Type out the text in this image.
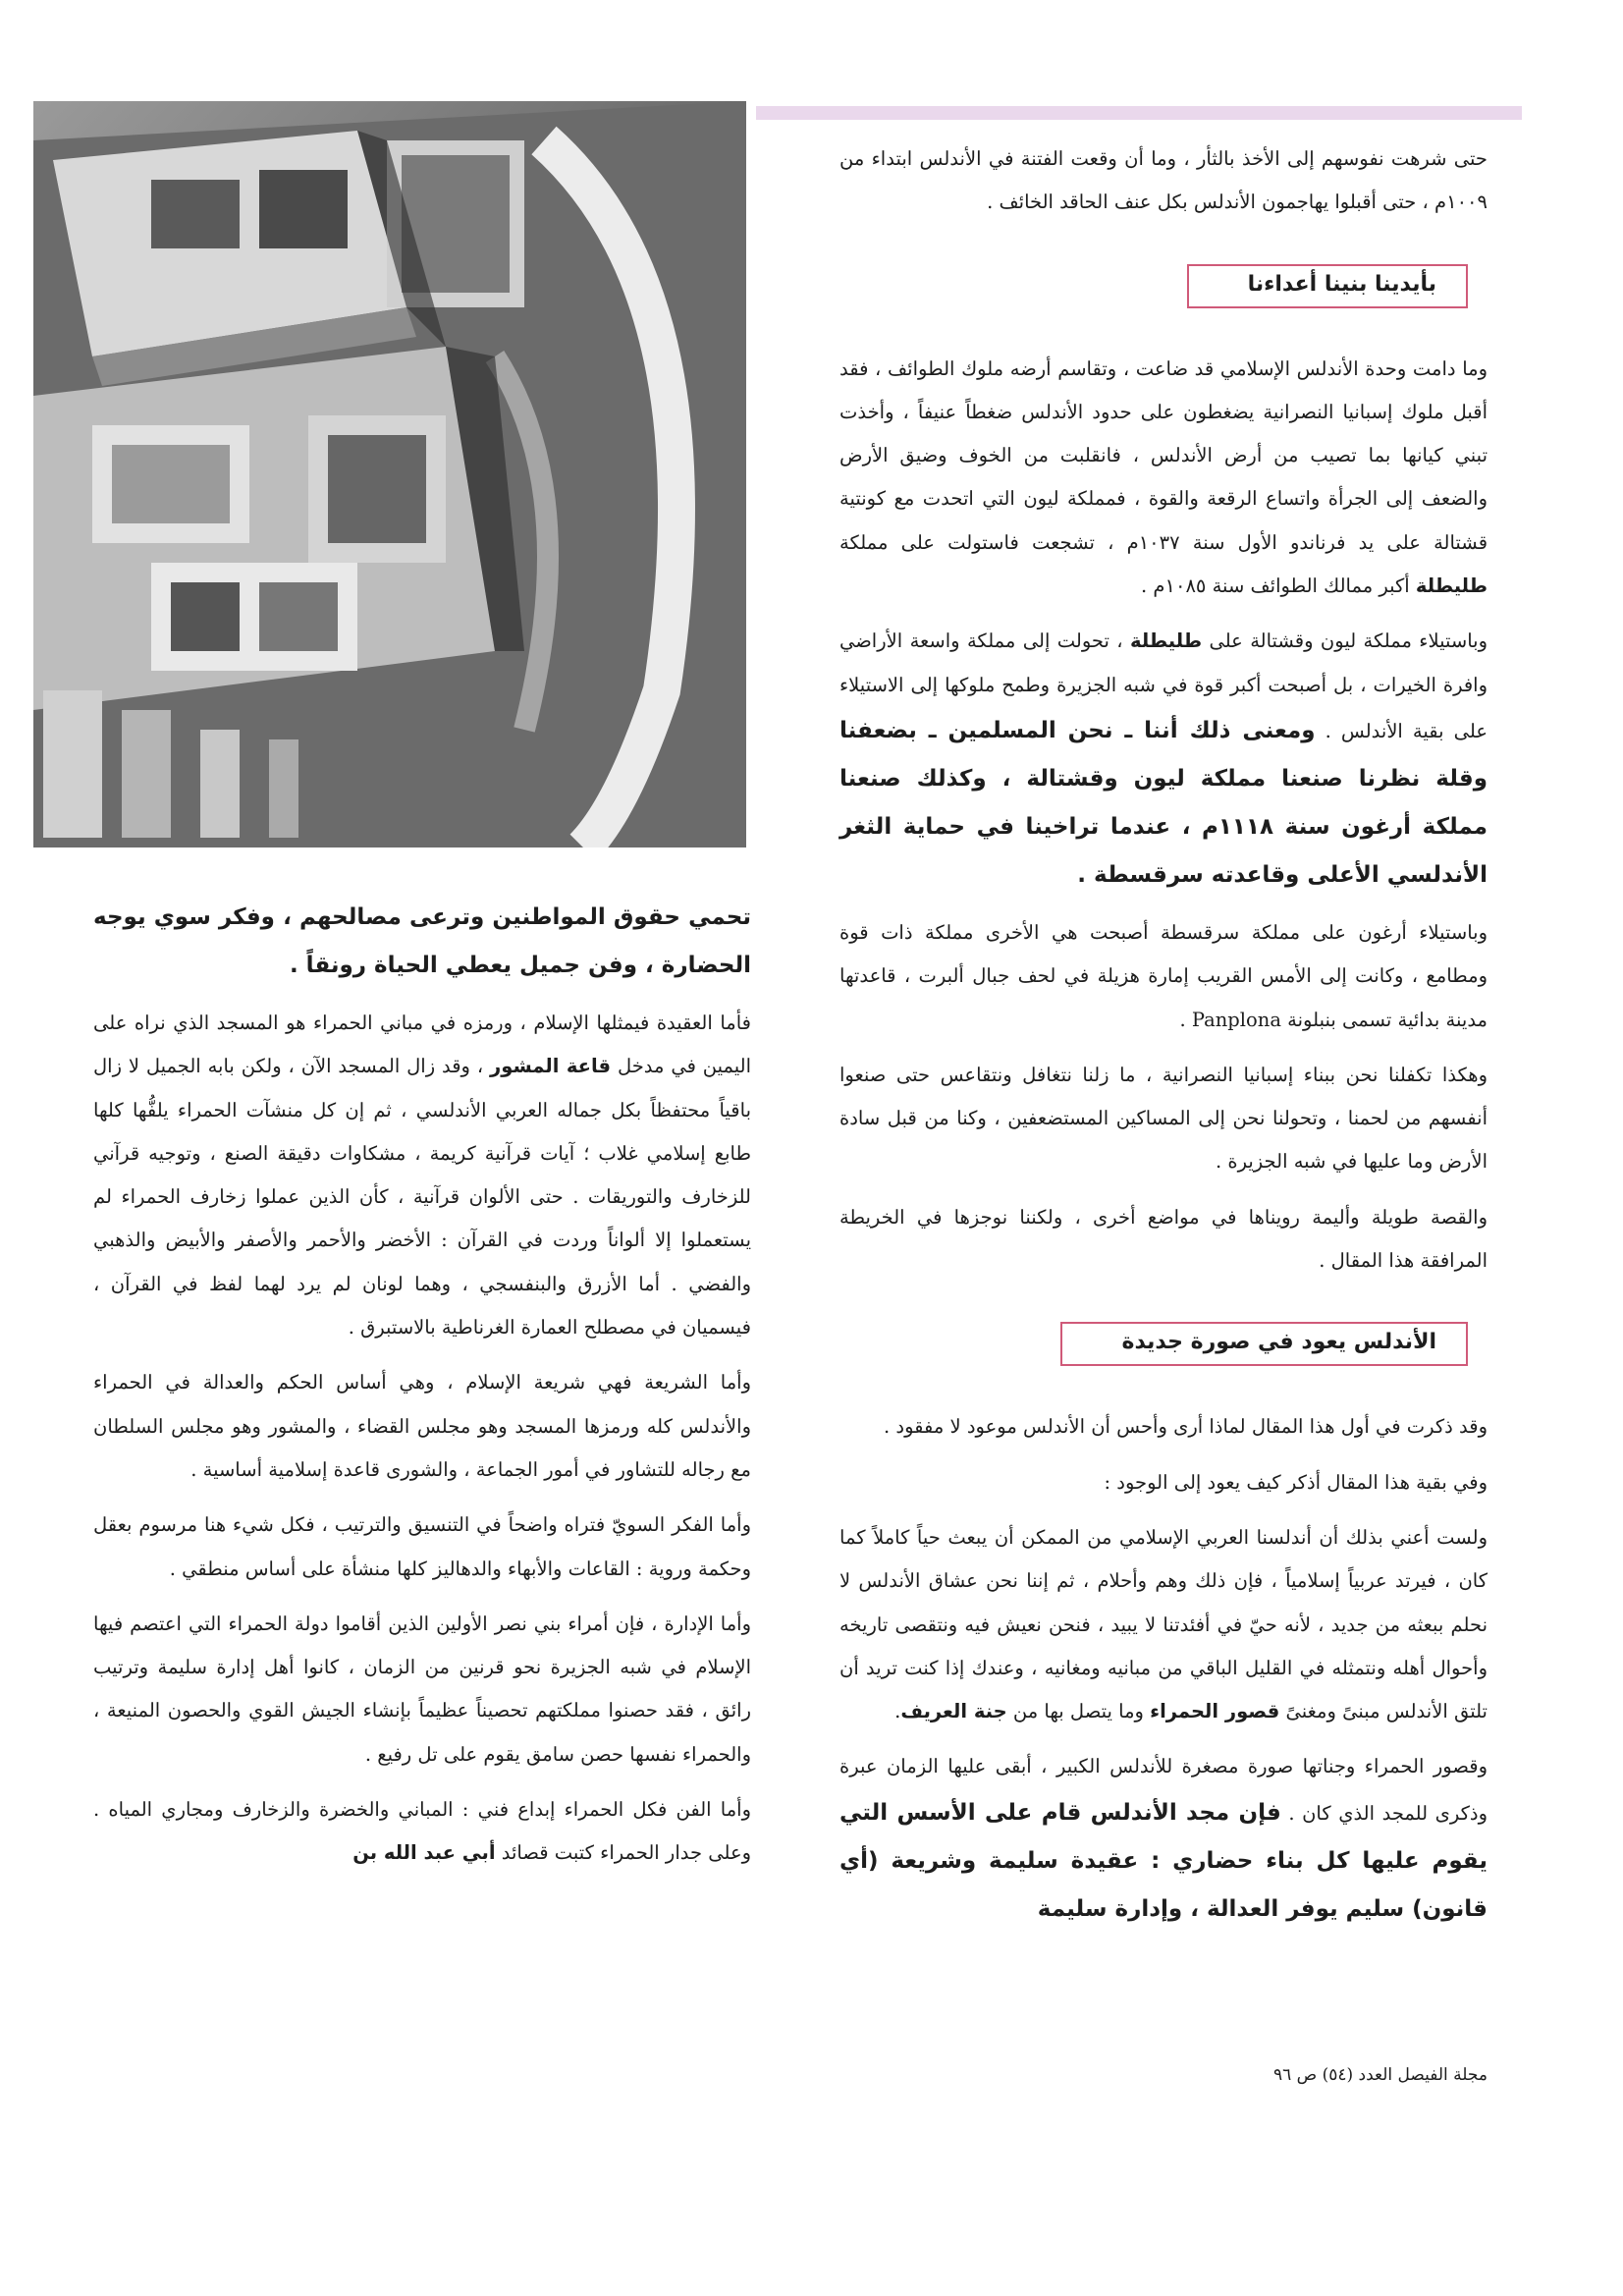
حتى شرهت نفوسهم إلى الأخذ بالثأر ، وما أن وقعت الفتنة في الأندلس ابتداء من ١٠٠٩م ، حتى أقبلوا يهاجمون الأندلس بكل عنف الحاقد الخائف .

بأيدينا بنينا أعداءنا

وما دامت وحدة الأندلس الإسلامي قد ضاعت ، وتقاسم أرضه ملوك الطوائف ، فقد أقبل ملوك إسبانيا النصرانية يضغطون على حدود الأندلس ضغطاً عنيفاً ، وأخذت تبني كيانها بما تصيب من أرض الأندلس ، فانقلبت من الخوف وضيق الأرض والضعف إلى الجرأة واتساع الرقعة والقوة ، فمملكة ليون التي اتحدت مع كونتية قشتالة على يد فرناندو الأول سنة ١٠٣٧م ، تشجعت فاستولت على مملكة طليطلة أكبر ممالك الطوائف سنة ١٠٨٥م .

وباستيلاء مملكة ليون وقشتالة على طليطلة ، تحولت إلى مملكة واسعة الأراضي وافرة الخيرات ، بل أصبحت أكبر قوة في شبه الجزيرة وطمح ملوكها إلى الاستيلاء على بقية الأندلس . ومعنى ذلك أننا ـ نحن المسلمين ـ بضعفنا وقلة نظرنا صنعنا مملكة ليون وقشتالة ، وكذلك صنعنا مملكة أرغون سنة ١١١٨م ، عندما تراخينا في حماية الثغر الأندلسي الأعلى وقاعدته سرقسطة .

وباستيلاء أرغون على مملكة سرقسطة أصبحت هي الأخرى مملكة ذات قوة ومطامع ، وكانت إلى الأمس القريب إمارة هزيلة في لحف جبال ألبرت ، قاعدتها مدينة بدائية تسمى بنبلونة Panplona .

وهكذا تكفلنا نحن ببناء إسبانيا النصرانية ، ما زلنا نتغافل ونتقاعس حتى صنعوا أنفسهم من لحمنا ، وتحولنا نحن إلى المساكين المستضعفين ، وكنا من قبل سادة الأرض وما عليها في شبه الجزيرة .

والقصة طويلة وأليمة رويناها في مواضع أخرى ، ولكننا نوجزها في الخريطة المرافقة هذا المقال .

الأندلس يعود في صورة جديدة

وقد ذكرت في أول هذا المقال لماذا أرى وأحس أن الأندلس موعود لا مفقود .

وفي بقية هذا المقال أذكر كيف يعود إلى الوجود :

ولست أعني بذلك أن أندلسنا العربي الإسلامي من الممكن أن يبعث حياً كاملاً كما كان ، فيرتد عربياً إسلامياً ، فإن ذلك وهم وأحلام ، ثم إننا نحن عشاق الأندلس لا نحلم ببعثه من جديد ، لأنه حيّ في أفئدتنا لا يبيد ، فنحن نعيش فيه ونتقصى تاريخه وأحوال أهله ونتمثله في القليل الباقي من مبانيه ومغانيه ، وعندك إذا كنت تريد أن تلتق الأندلس مبنىً ومغنىً قصور الحمراء وما يتصل بها من جنة العريف.

وقصور الحمراء وجناتها صورة مصغرة للأندلس الكبير ، أبقى عليها الزمان عبرة وذكرى للمجد الذي كان . فإن مجد الأندلس قام على الأسس التي يقوم عليها كل بناء حضاري : عقيدة سليمة وشريعة (أي قانون) سليم يوفر العدالة ، وإدارة سليمة

تحمي حقوق المواطنين وترعى مصالحهم ، وفكر سوي يوجه الحضارة ، وفن جميل يعطي الحياة رونقاً .

فأما العقيدة فيمثلها الإسلام ، ورمزه في مباني الحمراء هو المسجد الذي نراه على اليمين في مدخل قاعة المشور ، وقد زال المسجد الآن ، ولكن بابه الجميل لا زال باقياً محتفظاً بكل جماله العربي الأندلسي ، ثم إن كل منشآت الحمراء يلفُّها كلها طابع إسلامي غلاب ؛ آيات قرآنية كريمة ، مشكاوات دقيقة الصنع ، وتوجيه قرآني للزخارف والتوريقات . حتى الألوان قرآنية ، كأن الذين عملوا زخارف الحمراء لم يستعملوا إلا ألواناً وردت في القرآن : الأخضر والأحمر والأصفر والأبيض والذهبي والفضي . أما الأزرق والبنفسجي ، وهما لونان لم يرد لهما لفظ في القرآن ، فيسميان في مصطلح العمارة الغرناطية بالاستبرق .

وأما الشريعة فهي شريعة الإسلام ، وهي أساس الحكم والعدالة في الحمراء والأندلس كله ورمزها المسجد وهو مجلس القضاء ، والمشور وهو مجلس السلطان مع رجاله للتشاور في أمور الجماعة ، والشورى قاعدة إسلامية أساسية .

وأما الفكر السويّ فتراه واضحاً في التنسيق والترتيب ، فكل شيء هنا مرسوم بعقل وحكمة وروية : القاعات والأبهاء والدهاليز كلها منشأة على أساس منطقي .

وأما الإدارة ، فإن أمراء بني نصر الأولين الذين أقاموا دولة الحمراء التي اعتصم فيها الإسلام في شبه الجزيرة نحو قرنين من الزمان ، كانوا أهل إدارة سليمة وترتيب رائق ، فقد حصنوا مملكتهم تحصيناً عظيماً بإنشاء الجيش القوي والحصون المنيعة ، والحمراء نفسها حصن سامق يقوم على تل رفيع .

وأما الفن فكل الحمراء إبداع فني : المباني والخضرة والزخارف ومجاري المياه . وعلى جدار الحمراء كتبت قصائد أبي عبد الله بن

مجلة الفيصل العدد (٥٤) ص ٩٦
